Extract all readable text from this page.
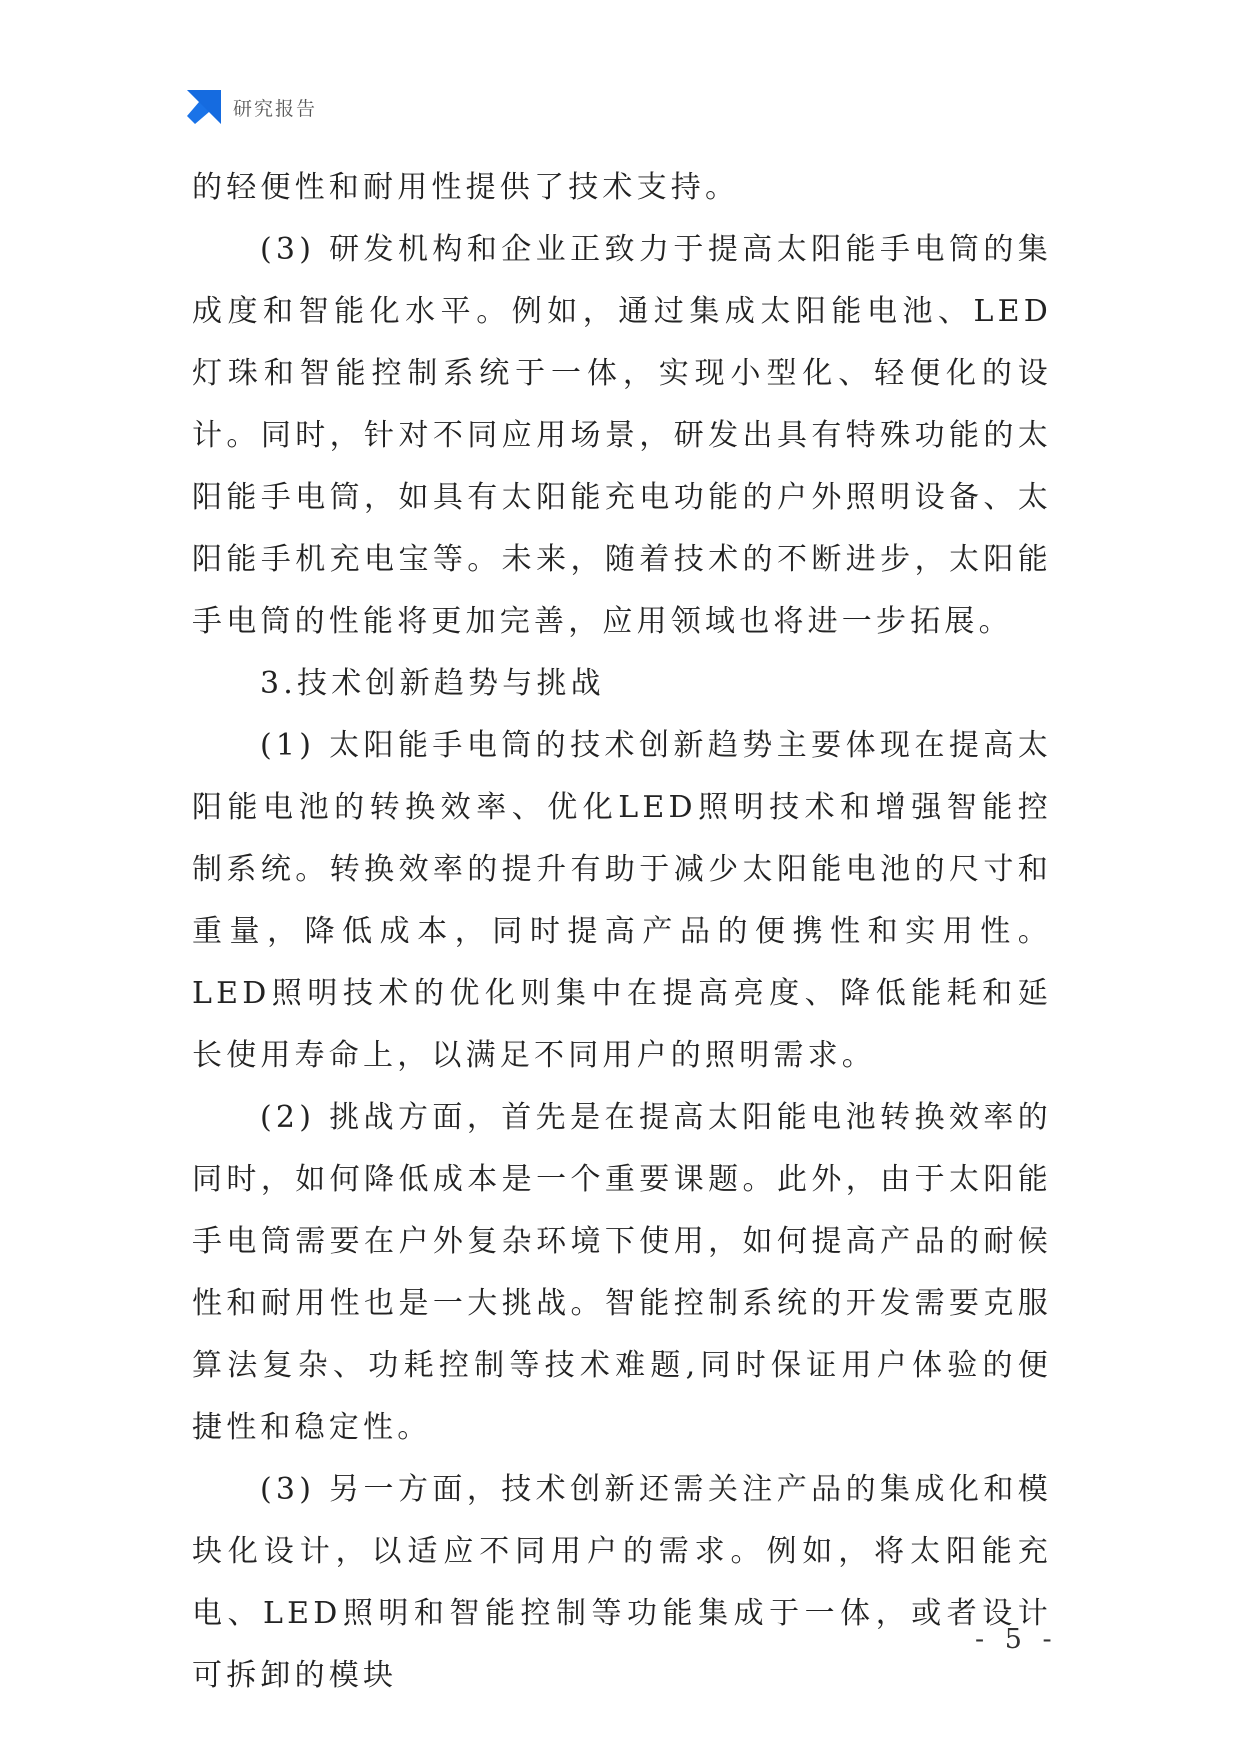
研究报告

的轻便性和耐用性提供了技术支持。

(3) 研发机构和企业正致力于提高太阳能手电筒的集成度和智能化水平。例如，通过集成太阳能电池、LED灯珠和智能控制系统于一体，实现小型化、轻便化的设计。同时，针对不同应用场景，研发出具有特殊功能的太阳能手电筒，如具有太阳能充电功能的户外照明设备、太阳能手机充电宝等。未来，随着技术的不断进步，太阳能手电筒的性能将更加完善，应用领域也将进一步拓展。

3.技术创新趋势与挑战

(1) 太阳能手电筒的技术创新趋势主要体现在提高太阳能电池的转换效率、优化LED照明技术和增强智能控制系统。转换效率的提升有助于减少太阳能电池的尺寸和重量，降低成本，同时提高产品的便携性和实用性。LED照明技术的优化则集中在提高亮度、降低能耗和延长使用寿命上，以满足不同用户的照明需求。

(2) 挑战方面，首先是在提高太阳能电池转换效率的同时，如何降低成本是一个重要课题。此外，由于太阳能手电筒需要在户外复杂环境下使用，如何提高产品的耐候性和耐用性也是一大挑战。智能控制系统的开发需要克服算法复杂、功耗控制等技术难题,同时保证用户体验的便捷性和稳定性。

(3) 另一方面，技术创新还需关注产品的集成化和模块化设计，以适应不同用户的需求。例如，将太阳能充电、LED照明和智能控制等功能集成于一体，或者设计可拆卸的模块

- 5 -
